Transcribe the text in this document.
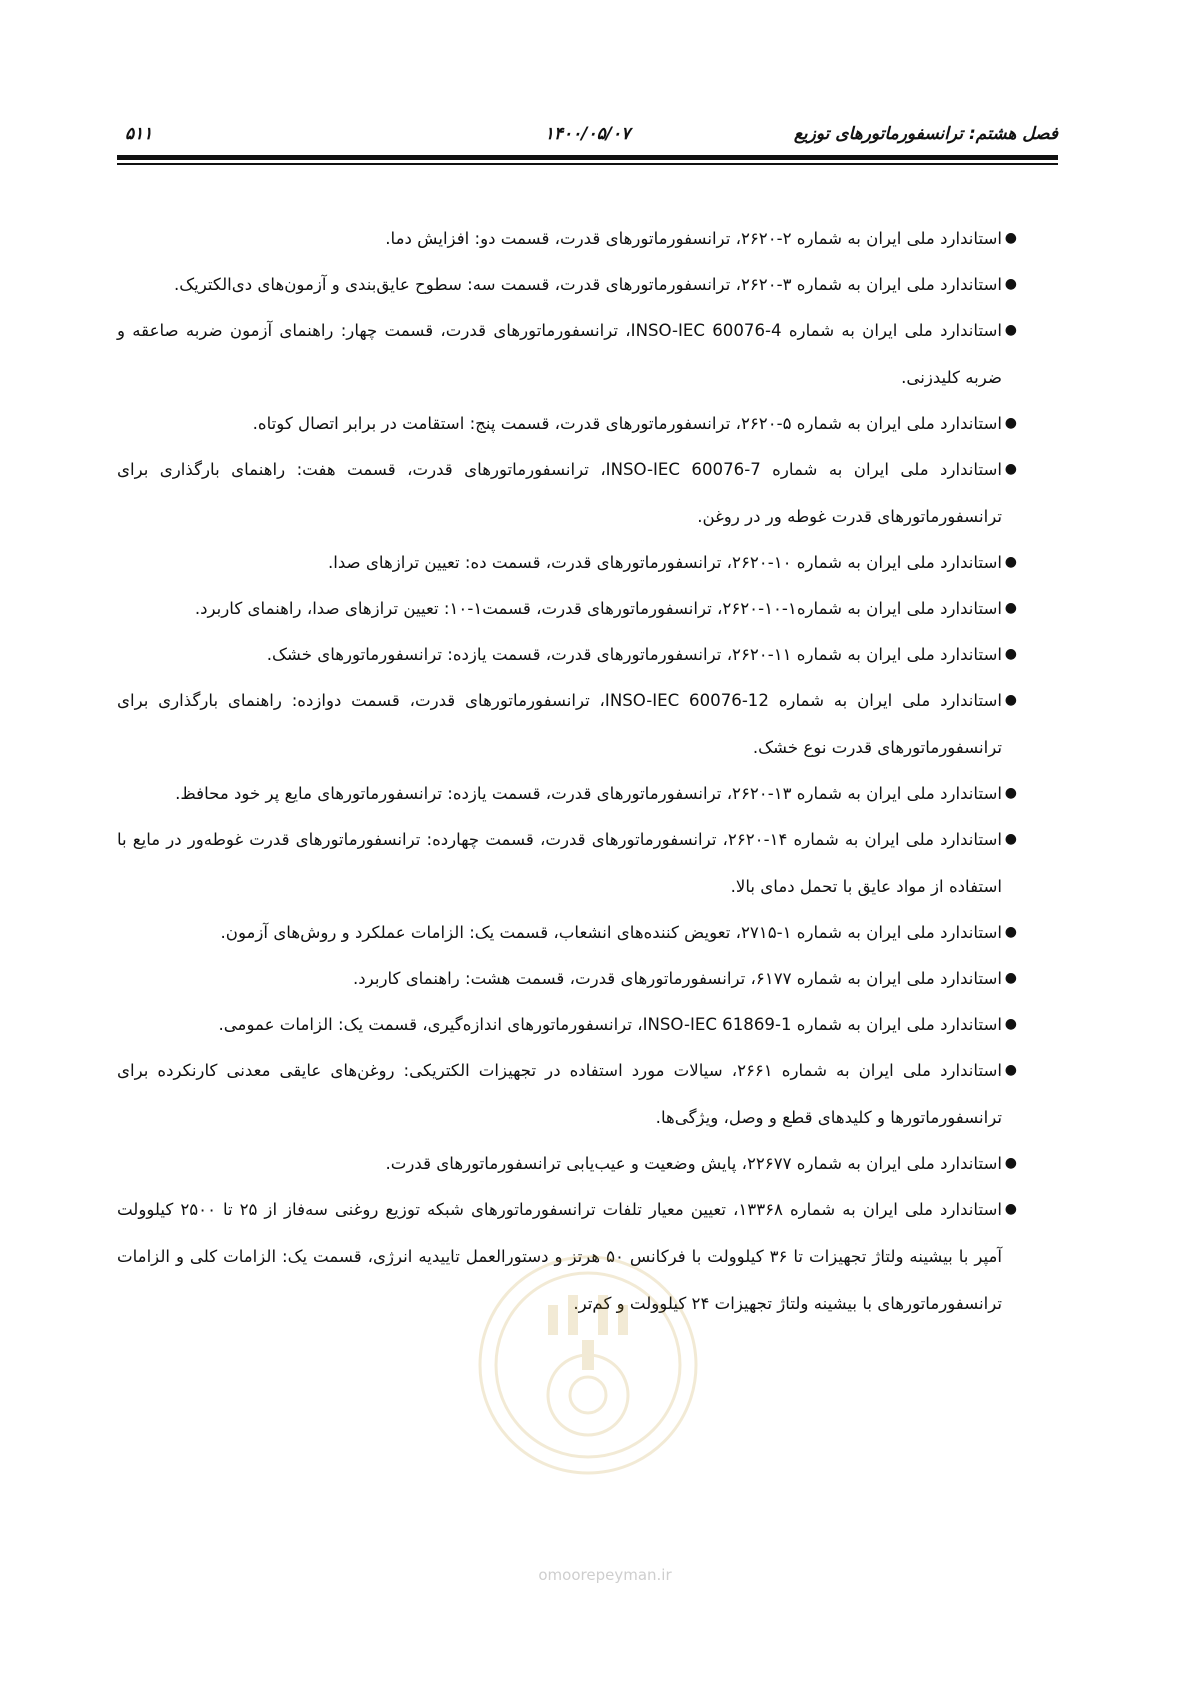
فصل هشتم: ترانسفورماتورهای توزیع
۱۴۰۰/۰۵/۰۷
۵۱۱
●
استاندارد ملی ایران به شماره ۲-۲۶۲۰، ترانسفورماتورهای قدرت، قسمت دو: افزایش دما.
●
استاندارد ملی ایران به شماره ۳-۲۶۲۰، ترانسفورماتورهای قدرت، قسمت سه: سطوح عایق‌بندی و آزمون‌های دی‌الکتریک.
●
استاندارد ملی ایران به شماره INSO-IEC 60076-4، ترانسفورماتورهای قدرت، قسمت چهار: راهنمای آزمون ضربه صاعقه و ضربه کلیدزنی.
●
استاندارد ملی ایران به شماره ۵-۲۶۲۰، ترانسفورماتورهای قدرت، قسمت پنج: استقامت در برابر اتصال کوتاه.
●
استاندارد ملی ایران به شماره INSO-IEC 60076-7، ترانسفورماتورهای قدرت، قسمت هفت: راهنمای بارگذاری برای ترانسفورماتورهای قدرت غوطه ور در روغن.
●
استاندارد ملی ایران به شماره ۱۰-۲۶۲۰، ترانسفورماتورهای قدرت، قسمت ده: تعیین ترازهای صدا.
●
استاندارد ملی ایران به شماره۱-۱۰-۲۶۲۰، ترانسفورماتورهای قدرت، قسمت۱-۱۰: تعیین ترازهای صدا، راهنمای کاربرد.
●
استاندارد ملی ایران به شماره ۱۱-۲۶۲۰، ترانسفورماتورهای قدرت، قسمت یازده: ترانسفورماتورهای خشک.
●
استاندارد ملی ایران به شماره INSO-IEC 60076-12، ترانسفورماتورهای قدرت، قسمت دوازده: راهنمای بارگذاری برای ترانسفورماتورهای قدرت نوع خشک.
●
استاندارد ملی ایران به شماره ۱۳-۲۶۲۰، ترانسفورماتورهای قدرت، قسمت یازده: ترانسفورماتورهای مایع پر خود محافظ.
●
استاندارد ملی ایران به شماره ۱۴-۲۶۲۰، ترانسفورماتورهای قدرت، قسمت چهارده: ترانسفورماتورهای قدرت غوطه‌ور در مایع با استفاده از مواد عایق با تحمل دمای بالا.
●
استاندارد ملی ایران به شماره ۱-۲۷۱۵، تعویض کننده‌های انشعاب، قسمت یک: الزامات عملکرد و روش‌های آزمون.
●
استاندارد ملی ایران به شماره ۶۱۷۷، ترانسفورماتورهای قدرت، قسمت هشت: راهنمای کاربرد.
●
استاندارد ملی ایران به شماره INSO-IEC 61869-1، ترانسفورماتورهای اندازه‌گیری، قسمت یک: الزامات عمومی.
●
استاندارد ملی ایران به شماره ۲۶۶۱، سیالات مورد استفاده در تجهیزات الکتریکی: روغن‌های عایقی معدنی کارنکرده برای ترانسفورماتورها و کلیدهای قطع و وصل، ویژگی‌ها.
●
استاندارد ملی ایران به شماره ۲۲۶۷۷، پایش وضعیت و عیب‌یابی ترانسفورماتورهای قدرت.
●
استاندارد ملی ایران به شماره ۱۳۳۶۸، تعیین معیار تلفات ترانسفورماتورهای شبکه توزیع روغنی سه‌فاز از ۲۵ تا ۲۵۰۰ کیلوولت آمپر با بیشینه ولتاژ تجهیزات تا ۳۶ کیلوولت با فرکانس ۵۰ هرتز و دستورالعمل تاییدیه انرژی، قسمت یک: الزامات کلی و الزامات ترانسفورماتورهای با بیشینه ولتاژ تجهیزات ۲۴ کیلوولت و کم‌تر.
omoorepeyman.ir
